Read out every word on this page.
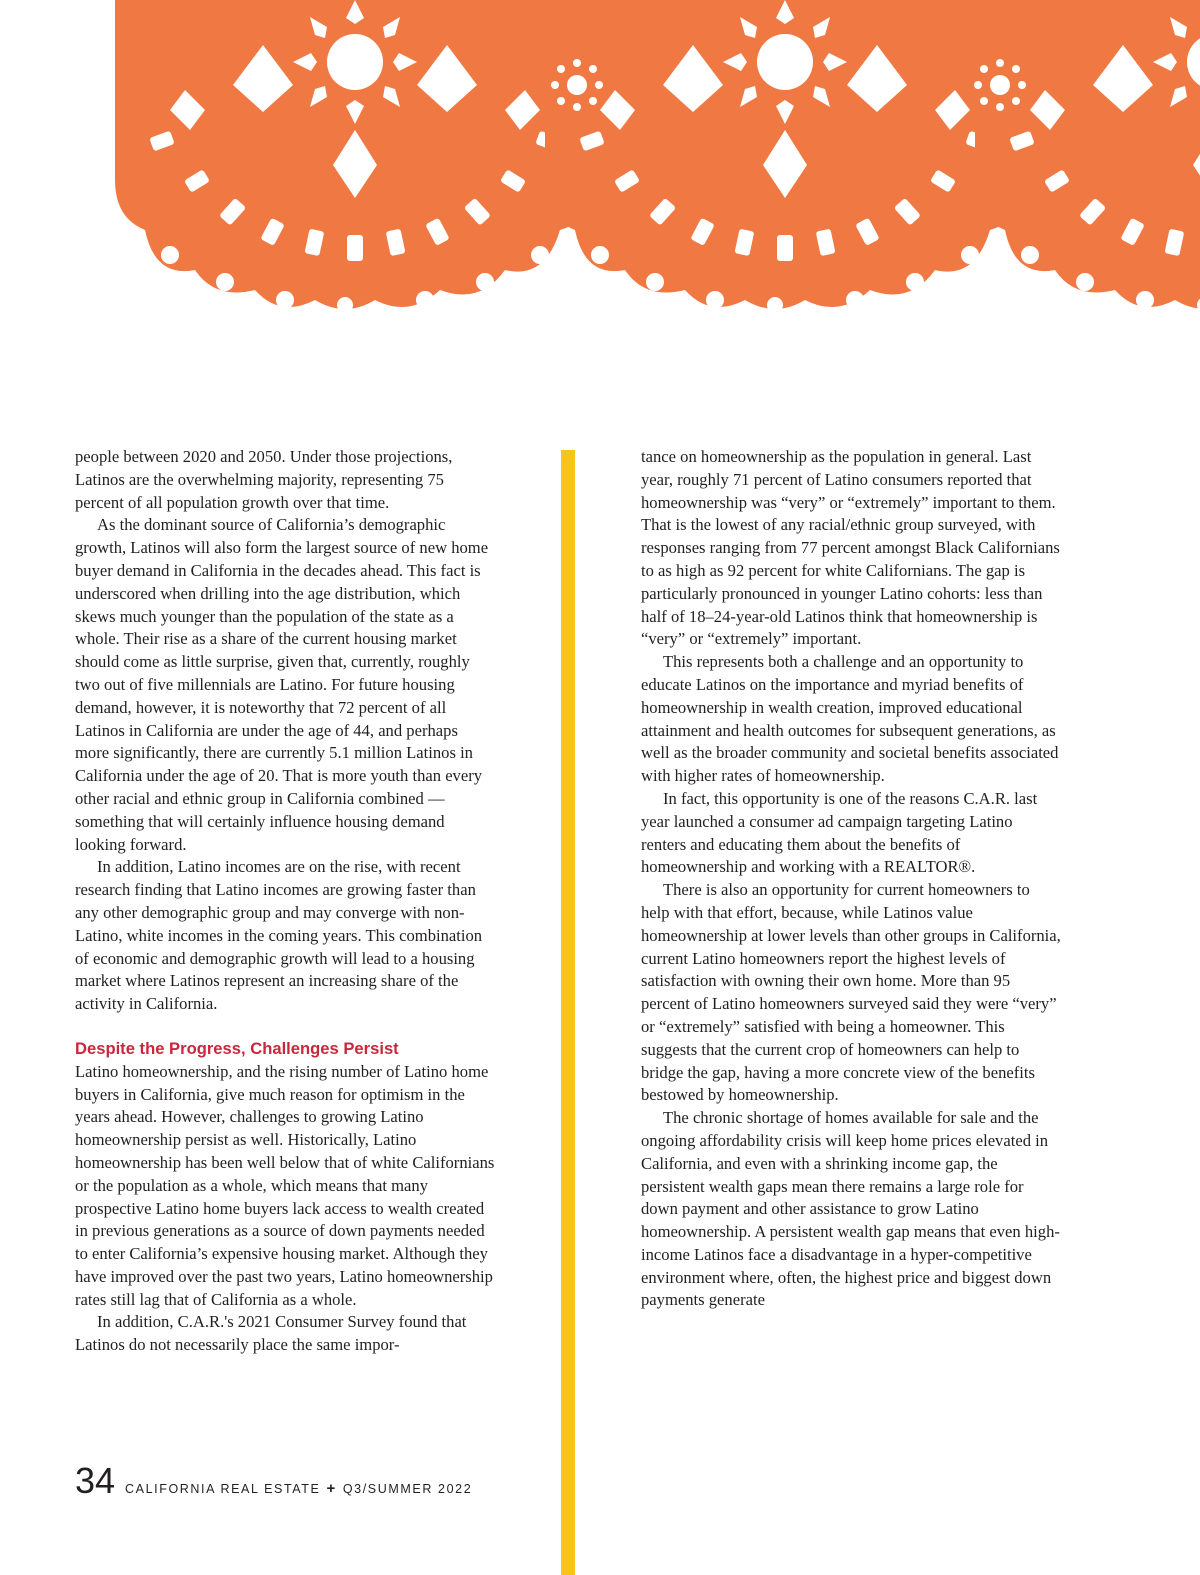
people between 2020 and 2050. Under those projections, Latinos are the overwhelming majority, representing 75 percent of all population growth over that time.

As the dominant source of California’s demographic growth, Latinos will also form the largest source of new home buyer demand in California in the decades ahead. This fact is underscored when drilling into the age distribution, which skews much younger than the population of the state as a whole. Their rise as a share of the current housing market should come as little surprise, given that, currently, roughly two out of five millennials are Latino. For future housing demand, however, it is noteworthy that 72 percent of all Latinos in California are under the age of 44, and perhaps more significantly, there are currently 5.1 million Latinos in California under the age of 20. That is more youth than every other racial and ethnic group in California combined — something that will certainly influence housing demand looking forward.

In addition, Latino incomes are on the rise, with recent research finding that Latino incomes are growing faster than any other demographic group and may converge with non-Latino, white incomes in the coming years. This combination of economic and demographic growth will lead to a housing market where Latinos represent an increasing share of the activity in California.

Despite the Progress, Challenges Persist

Latino homeownership, and the rising number of Latino home buyers in California, give much reason for optimism in the years ahead. However, challenges to growing Latino homeownership persist as well. Historically, Latino homeownership has been well below that of white Californians or the population as a whole, which means that many prospective Latino home buyers lack access to wealth created in previous generations as a source of down payments needed to enter California’s expensive housing market. Although they have improved over the past two years, Latino homeownership rates still lag that of California as a whole.

In addition, C.A.R.'s 2021 Consumer Survey found that Latinos do not necessarily place the same impor-

tance on homeownership as the population in general. Last year, roughly 71 percent of Latino consumers reported that homeownership was “very” or “extremely” important to them. That is the lowest of any racial/ethnic group surveyed, with responses ranging from 77 percent amongst Black Californians to as high as 92 percent for white Californians. The gap is particularly pronounced in younger Latino cohorts: less than half of 18–24-year-old Latinos think that homeownership is “very” or “extremely” important.

This represents both a challenge and an opportunity to educate Latinos on the importance and myriad benefits of homeownership in wealth creation, improved educational attainment and health outcomes for subsequent generations, as well as the broader community and societal benefits associated with higher rates of homeownership.

In fact, this opportunity is one of the reasons C.A.R. last year launched a consumer ad campaign targeting Latino renters and educating them about the benefits of homeownership and working with a REALTOR®.

There is also an opportunity for current homeowners to help with that effort, because, while Latinos value homeownership at lower levels than other groups in California, current Latino homeowners report the highest levels of satisfaction with owning their own home. More than 95 percent of Latino homeowners surveyed said they were “very” or “extremely” satisfied with being a homeowner. This suggests that the current crop of homeowners can help to bridge the gap, having a more concrete view of the benefits bestowed by homeownership.

The chronic shortage of homes available for sale and the ongoing affordability crisis will keep home prices elevated in California, and even with a shrinking income gap, the persistent wealth gaps mean there remains a large role for down payment and other assistance to grow Latino homeownership. A persistent wealth gap means that even high-income Latinos face a disadvantage in a hyper-competitive environment where, often, the highest price and biggest down payments generate

34 CALIFORNIA REAL ESTATE + Q3/SUMMER 2022
